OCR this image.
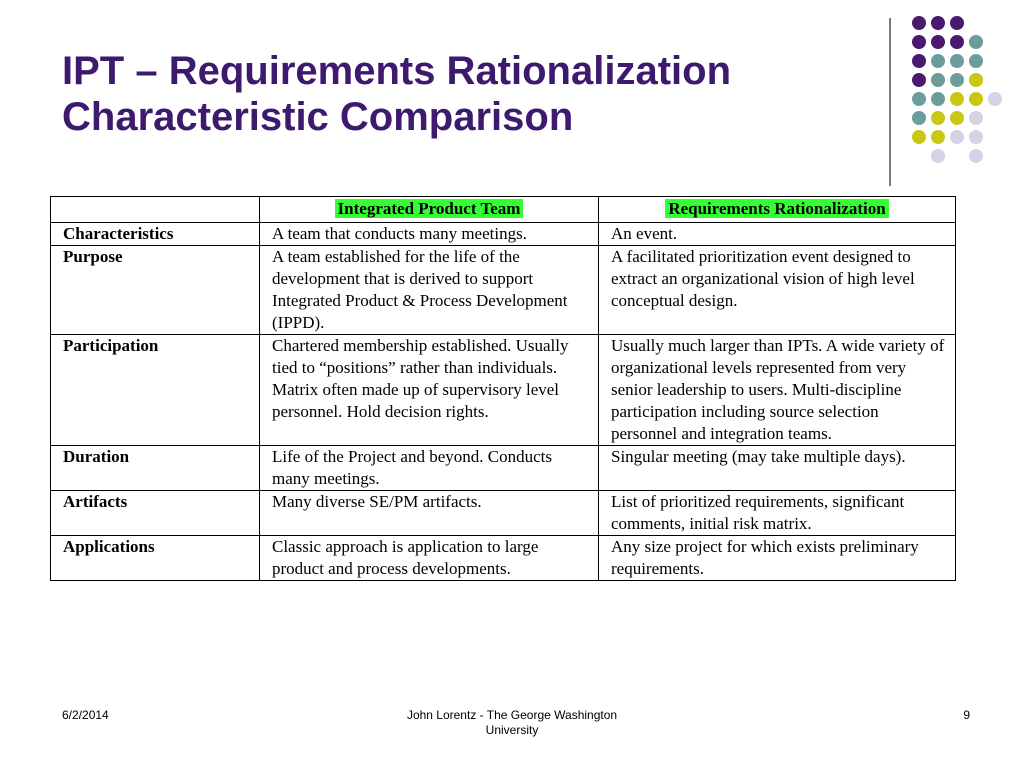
IPT – Requirements Rationalization
Characteristic Comparison
	Integrated Product Team	Requirements Rationalization
Characteristics	A team that conducts many meetings.	An event.
Purpose	A team established for the life of the development that is derived to support Integrated Product & Process Development (IPPD).	A facilitated prioritization event designed to extract an organizational vision of high level conceptual design.
Participation	Chartered membership established. Usually tied to “positions” rather than individuals. Matrix often made up of supervisory level personnel. Hold decision rights.	Usually much larger than IPTs. A wide variety of organizational levels represented from very senior leadership to users. Multi-discipline participation including source selection personnel and integration teams.
Duration	Life of the Project and beyond. Conducts many meetings.	Singular meeting (may take multiple days).
Artifacts	Many diverse SE/PM artifacts.	List of prioritized requirements, significant comments, initial risk matrix.
Applications	Classic approach is application to large product and process developments.	Any size project for which exists preliminary requirements.
6/2/2014	John Lorentz - The George Washington University
9
